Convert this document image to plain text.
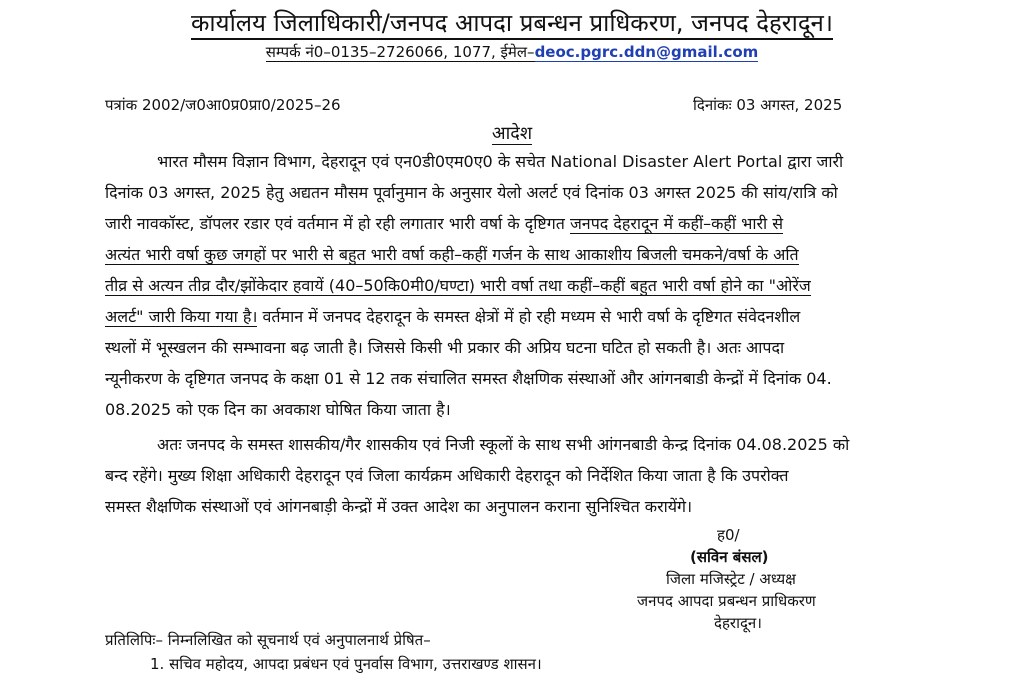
कार्यालय जिलाधिकारी/जनपद आपदा प्रबन्धन प्राधिकरण, जनपद देहरादून।
सम्पर्क नं0–0135–2726066, 1077, ईमेल–deoc.pgrc.ddn@gmail.com
पत्रांक 2002/ज0आ0प्र0प्रा0/2025–26	दिनांकः 03 अगस्त, 2025
आदेश
भारत मौसम विज्ञान विभाग, देहरादून एवं एन0डी0एम0ए0 के सचेत National Disaster Alert Portal द्वारा जारी
दिनांक 03 अगस्त, 2025 हेतु अद्यतन मौसम पूर्वानुमान के अनुसार येलो अलर्ट एवं दिनांक 03 अगस्त 2025 की सांय/रात्रि को
जारी नावकॉस्ट, डॉपलर रडार एवं वर्तमान में हो रही लगातार भारी वर्षा के दृष्टिगत जनपद देहरादून में कहीं–कहीं भारी से
अत्यंत भारी वर्षा कुछ जगहों पर भारी से बहुत भारी वर्षा कही–कहीं गर्जन के साथ आकाशीय बिजली चमकने/वर्षा के अति
तीव्र से अत्यन तीव्र दौर/झोंकेदार हवायें (40–50कि0मी0/घण्टा) भारी वर्षा तथा कहीं–कहीं बहुत भारी वर्षा होने का "ओरेंज
अलर्ट" जारी किया गया है। वर्तमान में जनपद देहरादून के समस्त क्षेत्रों में हो रही मध्यम से भारी वर्षा के दृष्टिगत संवेदनशील
स्थलों में भूस्खलन की सम्भावना बढ़ जाती है। जिससे किसी भी प्रकार की अप्रिय घटना घटित हो सकती है। अतः आपदा
न्यूनीकरण के दृष्टिगत जनपद के कक्षा 01 से 12 तक संचालित समस्त शैक्षणिक संस्थाओं और आंगनबाडी केन्द्रों में दिनांक 04.
08.2025 को एक दिन का अवकाश घोषित किया जाता है।
अतः जनपद के समस्त शासकीय/गैर शासकीय एवं निजी स्कूलों के साथ सभी आंगनबाडी केन्द्र दिनांक 04.08.2025 को
बन्द रहेंगे। मुख्य शिक्षा अधिकारी देहरादून एवं जिला कार्यक्रम अधिकारी देहरादून को निर्देशित किया जाता है कि उपरोक्त
समस्त शैक्षणिक संस्थाओं एवं आंगनबाड़ी केन्द्रों में उक्त आदेश का अनुपालन कराना सुनिश्चित करायेंगे।
ह0/
(सविन बंसल)
जिला मजिस्ट्रेट / अध्यक्ष
जनपद आपदा प्रबन्धन प्राधिकरण
देहरादून।
प्रतिलिपिः– निम्नलिखित को सूचनार्थ एवं अनुपालनार्थ प्रेषित–
1. सचिव महोदय, आपदा प्रबंधन एवं पुनर्वास विभाग, उत्तराखण्ड शासन।
